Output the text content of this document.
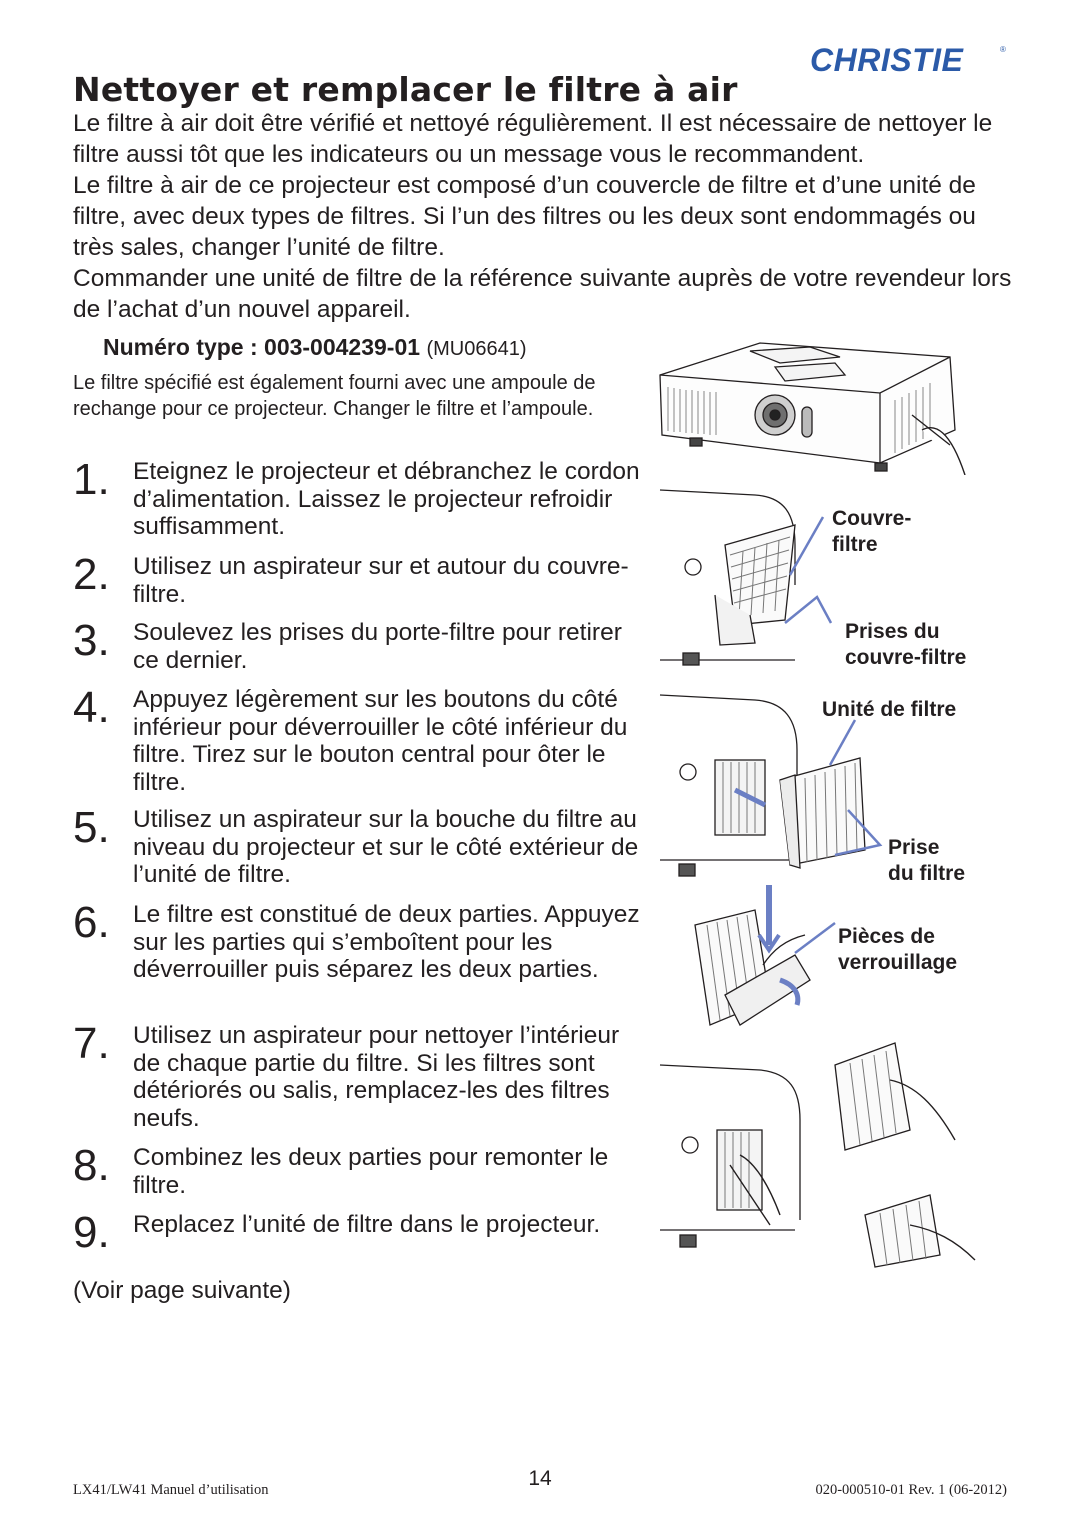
CHRISTIE	®
Nettoyer et remplacer le filtre à air
Le filtre à air doit être vérifié et nettoyé régulièrement. Il est nécessaire de nettoyer le filtre aussi tôt que les indicateurs ou un message vous le recommandent.
Le filtre à air de ce projecteur est composé d’un couvercle de filtre et d’une unité de filtre, avec deux types de filtres. Si l’un des filtres ou les deux sont endommagés ou très sales, changer l’unité de filtre.
Commander une unité de filtre de la référence suivante auprès de votre revendeur lors de l’achat d’un nouvel appareil.
Numéro type : 003-004239-01 (MU06641)
Le filtre spécifié est également fourni avec une ampoule de rechange pour ce projecteur. Changer le filtre et l’ampoule.
1. Eteignez le projecteur et débranchez le cordon d’alimentation. Laissez le projecteur refroidir suffisamment.
2. Utilisez un aspirateur sur et autour du couvre-filtre.
3. Soulevez les prises du porte-filtre pour retirer ce dernier.
4. Appuyez légèrement sur les boutons du côté inférieur pour déverrouiller le côté inférieur du filtre. Tirez sur le bouton central pour ôter le filtre.
5. Utilisez un aspirateur sur la bouche du filtre au niveau du projecteur et sur le côté extérieur de l’unité de filtre.
6. Le filtre est constitué de deux parties. Appuyez sur les parties qui s’emboîtent pour les déverrouiller puis séparez les deux parties.
7. Utilisez un aspirateur pour nettoyer l’intérieur de chaque partie du filtre. Si les filtres sont détériorés ou salis, remplacez-les des filtres neufs.
8. Combinez les deux parties pour remonter le filtre.
9. Replacez l’unité de filtre dans le projecteur.
(Voir page suivante)
Couvre-
filtre
Prises du
couvre-filtre
Unité de filtre
Prise
du filtre
Pièces de
verrouillage
LX41/LW41 Manuel d’utilisation	14	020-000510-01 Rev. 1 (06-2012)
